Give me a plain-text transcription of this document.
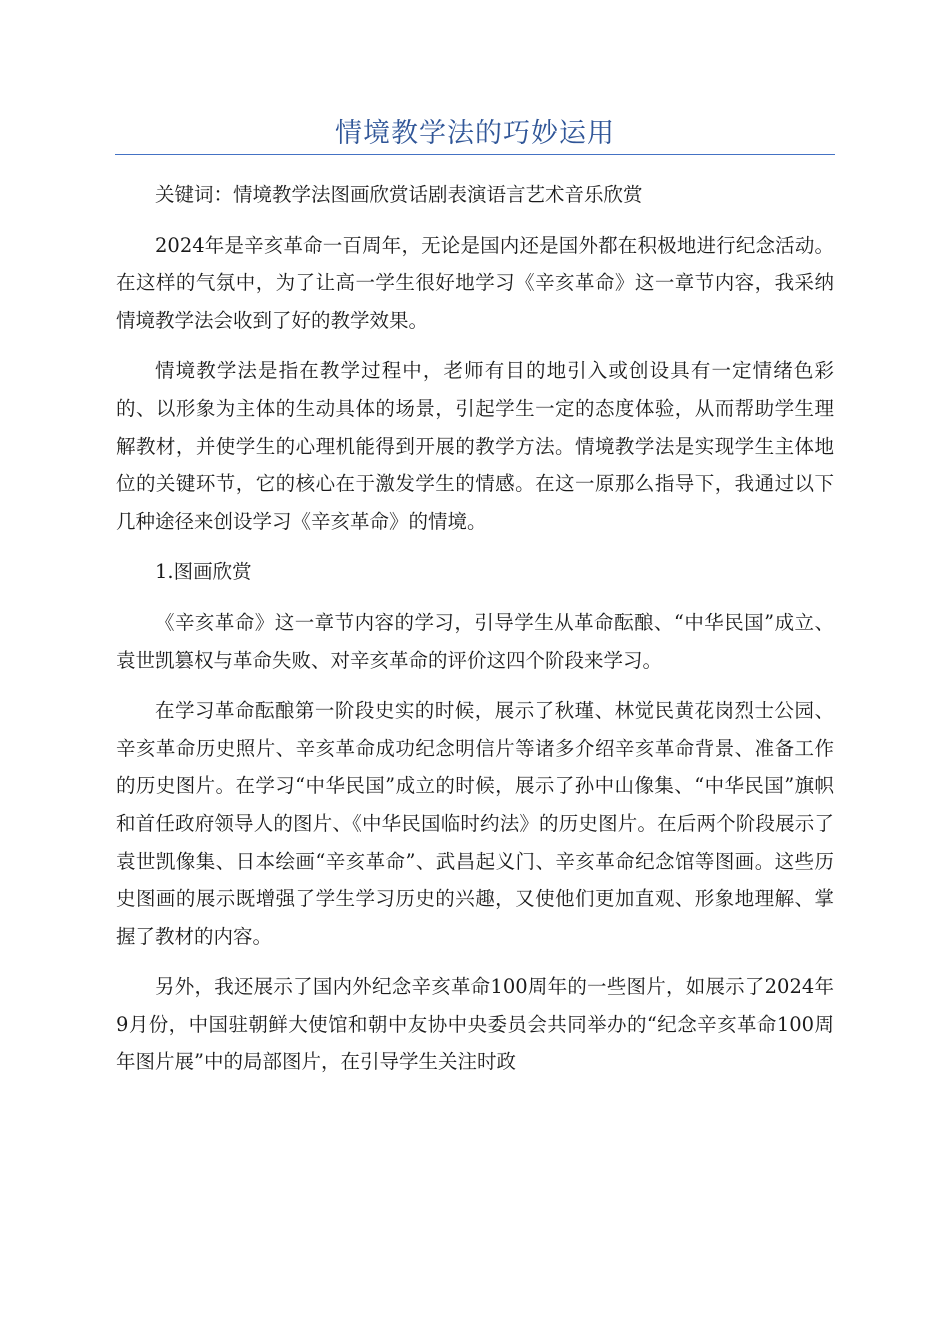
情境教学法的巧妙运用

关键词：情境教学法图画欣赏话剧表演语言艺术音乐欣赏

2024年是辛亥革命一百周年，无论是国内还是国外都在积极地进行纪念活动。在这样的气氛中，为了让高一学生很好地学习《辛亥革命》这一章节内容，我采纳情境教学法会收到了好的教学效果。

情境教学法是指在教学过程中，老师有目的地引入或创设具有一定情绪色彩的、以形象为主体的生动具体的场景，引起学生一定的态度体验，从而帮助学生理解教材，并使学生的心理机能得到开展的教学方法。情境教学法是实现学生主体地位的关键环节，它的核心在于激发学生的情感。在这一原那么指导下，我通过以下几种途径来创设学习《辛亥革命》的情境。

1.图画欣赏

《辛亥革命》这一章节内容的学习，引导学生从革命酝酿、“中华民国”成立、袁世凯篡权与革命失败、对辛亥革命的评价这四个阶段来学习。

在学习革命酝酿第一阶段史实的时候，展示了秋瑾、林觉民黄花岗烈士公园、辛亥革命历史照片、辛亥革命成功纪念明信片等诸多介绍辛亥革命背景、准备工作的历史图片。在学习“中华民国”成立的时候，展示了孙中山像集、“中华民国”旗帜和首任政府领导人的图片、《中华民国临时约法》的历史图片。在后两个阶段展示了袁世凯像集、日本绘画“辛亥革命”、武昌起义门、辛亥革命纪念馆等图画。这些历史图画的展示既增强了学生学习历史的兴趣，又使他们更加直观、形象地理解、掌握了教材的内容。

另外，我还展示了国内外纪念辛亥革命100周年的一些图片，如展示了2024年9月份，中国驻朝鲜大使馆和朝中友协中央委员会共同举办的“纪念辛亥革命100周年图片展”中的局部图片，在引导学生关注时政
